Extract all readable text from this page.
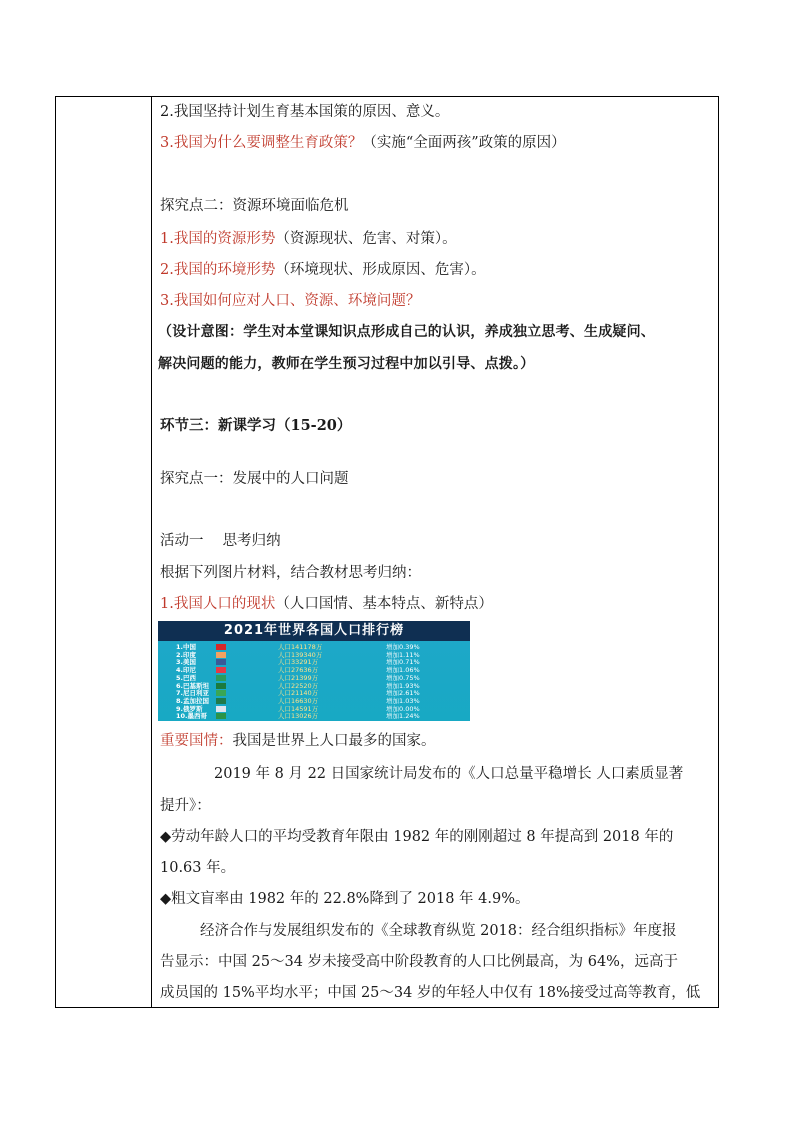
2.我国坚持计划生育基本国策的原因、意义。
3.我国为什么要调整生育政策？（实施“全面两孩”政策的原因）
探究点二：资源环境面临危机
1.我国的资源形势（资源现状、危害、对策）。
2.我国的环境形势（环境现状、形成原因、危害）。
3.我国如何应对人口、资源、环境问题？
（设计意图：学生对本堂课知识点形成自己的认识，养成独立思考、生成疑问、
解决问题的能力，教师在学生预习过程中加以引导、点拨。）
环节三：新课学习（15-20）
探究点一：发展中的人口问题
活动一　 思考归纳
根据下列图片材料，结合教材思考归纳：
1.我国人口的现状（人口国情、基本特点、新特点）
重要国情：我国是世界上人口最多的国家。
2019 年 8 月 22 日国家统计局发布的《人口总量平稳增长 人口素质显著
提升》：
◆劳动年龄人口的平均受教育年限由 1982 年的刚刚超过 8 年提高到 2018 年的
10.63 年。
◆粗文盲率由 1982 年的 22.8%降到了 2018 年 4.9%。
经济合作与发展组织发布的《全球教育纵览 2018：经合组织指标》年度报
告显示：中国 25～34 岁未接受高中阶段教育的人口比例最高，为 64%，远高于
成员国的 15%平均水平；中国 25～34 岁的年轻人中仅有 18%接受过高等教育，低
2021年世界各国人口排行榜
1.中国	人口141178万	增加0.39%
2.印度	人口139340万	增加1.11%
3.美国	人口33291万	增加0.71%
4.印尼	人口27636万	增加1.06%
5.巴西	人口21399万	增加0.75%
6.巴基斯坦	人口22520万	增加1.93%
7.尼日利亚	人口21140万	增加2.61%
8.孟加拉国	人口16630万	增加1.03%
9.俄罗斯	人口14591万	增加0.00%
10.墨西哥	人口13026万	增加1.24%
